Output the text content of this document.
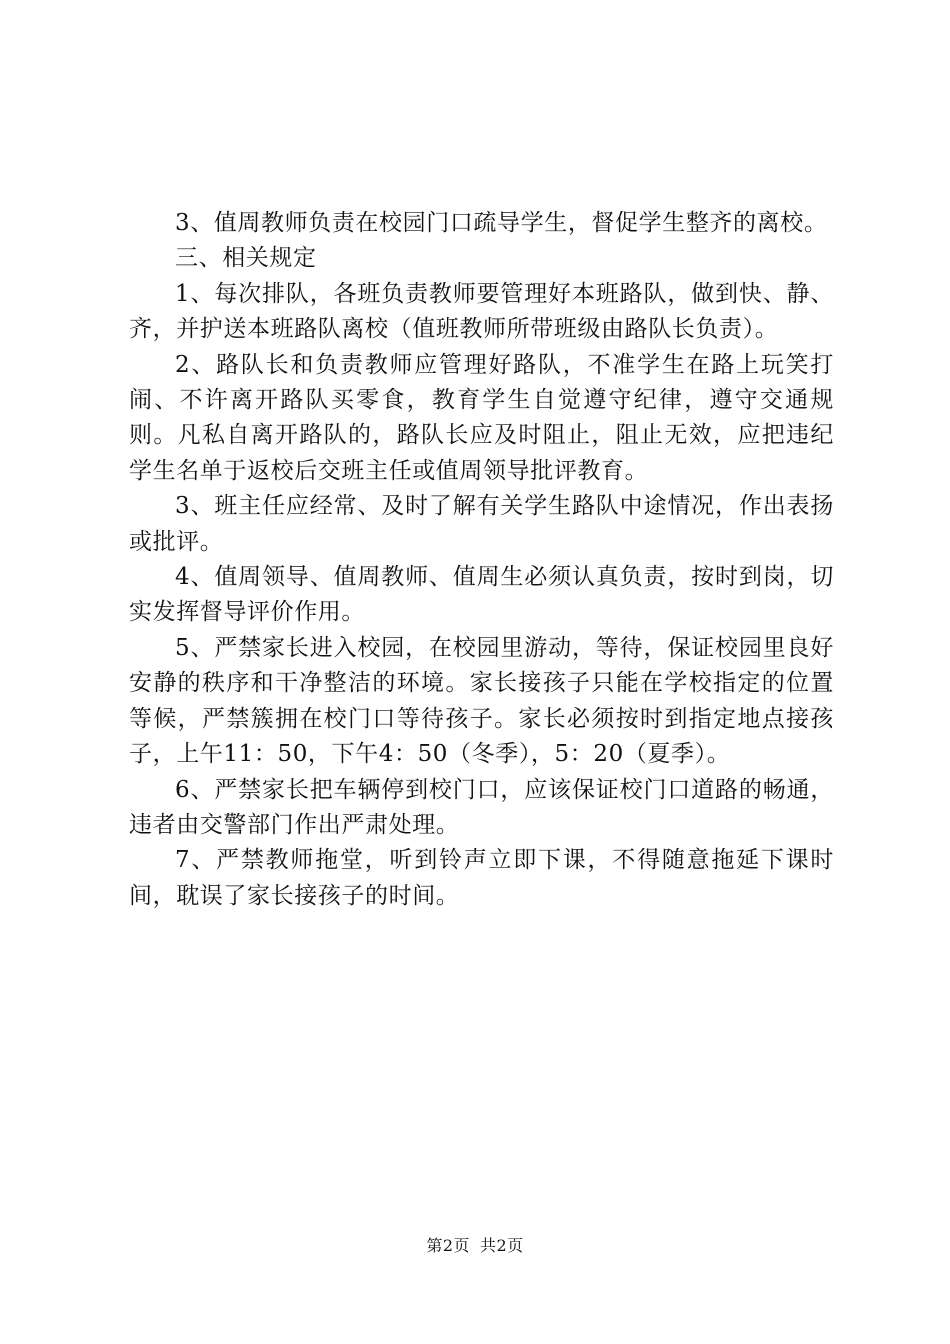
3、值周教师负责在校园门口疏导学生，督促学生整齐的离校。

三、相关规定

1、每次排队，各班负责教师要管理好本班路队，做到快、静、齐，并护送本班路队离校（值班教师所带班级由路队长负责）。

2、路队长和负责教师应管理好路队，不准学生在路上玩笑打闹、不许离开路队买零食，教育学生自觉遵守纪律，遵守交通规则。凡私自离开路队的，路队长应及时阻止，阻止无效，应把违纪学生名单于返校后交班主任或值周领导批评教育。

3、班主任应经常、及时了解有关学生路队中途情况，作出表扬或批评。

4、值周领导、值周教师、值周生必须认真负责，按时到岗，切实发挥督导评价作用。

5、严禁家长进入校园，在校园里游动，等待，保证校园里良好安静的秩序和干净整洁的环境。家长接孩子只能在学校指定的位置等候，严禁簇拥在校门口等待孩子。家长必须按时到指定地点接孩子，上午11：50，下午4：50（冬季），5：20（夏季）。

6、严禁家长把车辆停到校门口，应该保证校门口道路的畅通，违者由交警部门作出严肃处理。

7、严禁教师拖堂，听到铃声立即下课，不得随意拖延下课时间，耽误了家长接孩子的时间。

第2页 共2页
